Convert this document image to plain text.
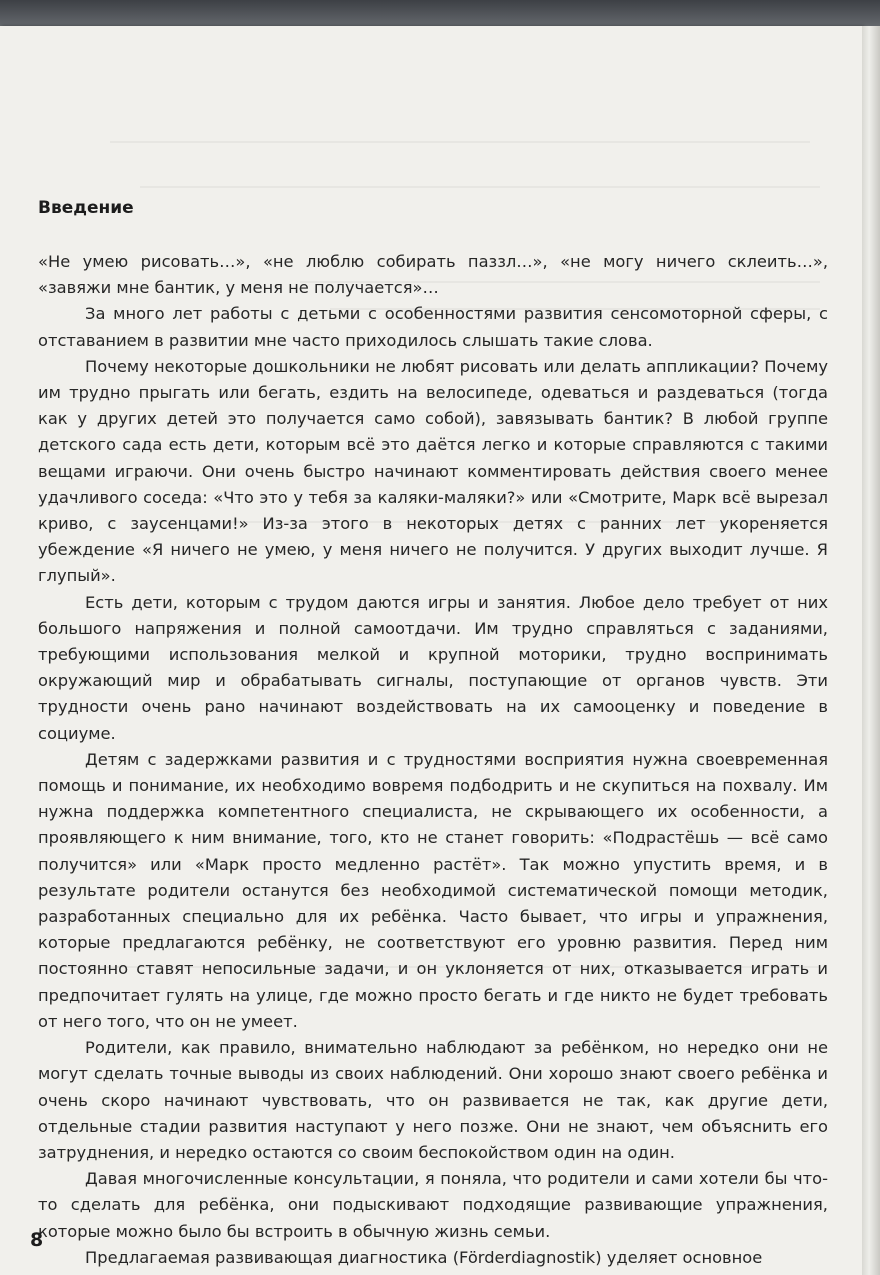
Введение

«Не умею рисовать…», «не люблю собирать паззл…», «не могу ничего склеить…», «завяжи мне бантик, у меня не получается»…

За много лет работы с детьми с особенностями развития сенсомоторной сферы, с отставанием в развитии мне часто приходилось слышать такие слова.

Почему некоторые дошкольники не любят рисовать или делать аппликации? Почему им трудно прыгать или бегать, ездить на велосипеде, одеваться и раздеваться (тогда как у других детей это получается само собой), завязывать бантик? В любой группе детского сада есть дети, которым всё это даётся легко и которые справляются с такими вещами играючи. Они очень быстро начинают комментировать действия своего менее удачливого соседа: «Что это у тебя за каляки-маляки?» или «Смотрите, Марк всё вырезал криво, с заусенцами!» Из-за этого в некоторых детях с ранних лет укореняется убеждение «Я ничего не умею, у меня ничего не получится. У других выходит лучше. Я глупый».

Есть дети, которым с трудом даются игры и занятия. Любое дело требует от них большого напряжения и полной самоотдачи. Им трудно справляться с заданиями, требующими использования мелкой и крупной моторики, трудно воспринимать окружающий мир и обрабатывать сигналы, поступающие от органов чувств. Эти трудности очень рано начинают воздействовать на их самооценку и поведение в социуме.

Детям с задержками развития и с трудностями восприятия нужна своевременная помощь и понимание, их необходимо вовремя подбодрить и не скупиться на похвалу. Им нужна поддержка компетентного специалиста, не скрывающего их особенности, а проявляющего к ним внимание, того, кто не станет говорить: «Подрастёшь — всё само получится» или «Марк просто медленно растёт». Так можно упустить время, и в результате родители останутся без необходимой систематической помощи методик, разработанных специально для их ребёнка. Часто бывает, что игры и упражнения, которые предлагаются ребёнку, не соответствуют его уровню развития. Перед ним постоянно ставят непосильные задачи, и он уклоняется от них, отказывается играть и предпочитает гулять на улице, где можно просто бегать и где никто не будет требовать от него того, что он не умеет.

Родители, как правило, внимательно наблюдают за ребёнком, но нередко они не могут сделать точные выводы из своих наблюдений. Они хорошо знают своего ребёнка и очень скоро начинают чувствовать, что он развивается не так, как другие дети, отдельные стадии развития наступают у него позже. Они не знают, чем объяснить его затруднения, и нередко остаются со своим беспокойством один на один.

Давая многочисленные консультации, я поняла, что родители и сами хотели бы что-то сделать для ребёнка, они подыскивают подходящие развивающие упражнения, которые можно было бы встроить в обычную жизнь семьи.

Предлагаемая развивающая диагностика (Förderdiagnostik) уделяет основное

8
